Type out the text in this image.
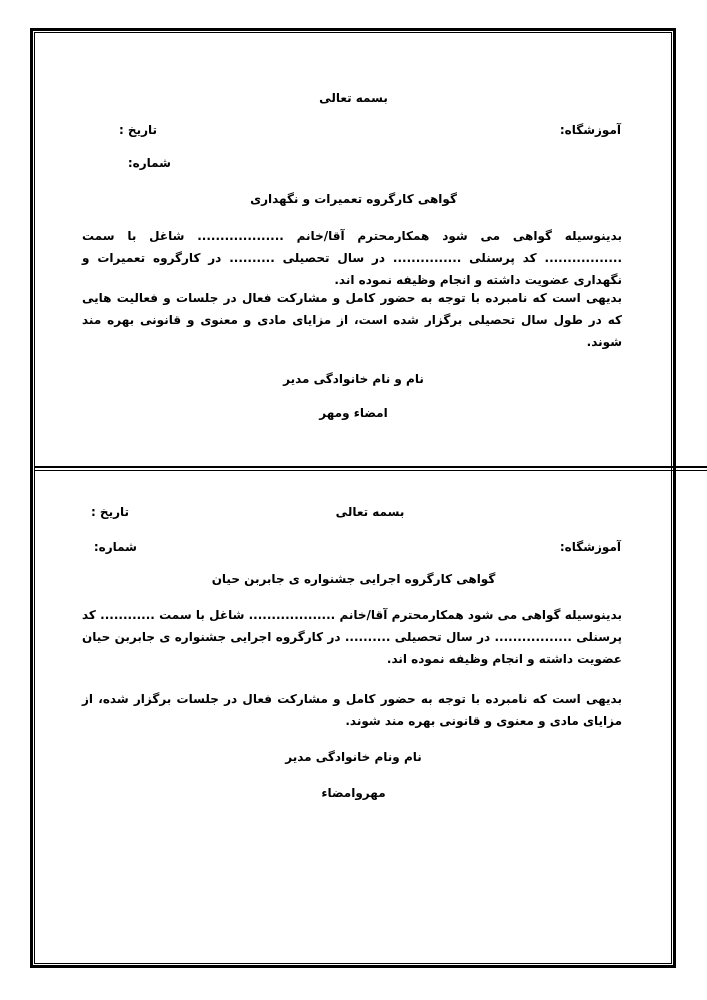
بسمه تعالی
آموزشگاه:
تاریخ :
شماره:
گواهی کارگروه تعمیرات و نگهداری
بدینوسیله گواهی می شود همکارمحترم آقا/خانم ................... شاغل با سمت ................. کد پرسنلی ............... در سال تحصیلی .......... در کارگروه تعمیرات و نگهداری عضویت داشته و انجام وظیفه نموده اند.
بدیهی است که نامبرده با توجه به حضور کامل و مشارکت فعال در جلسات و فعالیت هایی که در طول سال تحصیلی برگزار شده است، از مزایای مادی و معنوی و قانونی بهره مند شوند.
نام و نام خانوادگی مدیر
امضاء ومهر
بسمه تعالی
تاریخ :
آموزشگاه:
شماره:
گواهی کارگروه اجرایی جشنواره ی جابربن حیان
بدینوسیله گواهی می شود همکارمحترم آقا/خانم ................... شاغل با سمت ............ کد پرسنلی ................. در سال تحصیلی .......... در کارگروه اجرایی جشنواره ی جابربن حیان عضویت داشته و انجام وظیفه نموده اند.
بدیهی است که نامبرده با توجه به حضور کامل و مشارکت فعال در جلسات برگزار شده، از مزایای مادی و معنوی و قانونی بهره مند شوند.
نام ونام خانوادگی مدیر
مهروامضاء
